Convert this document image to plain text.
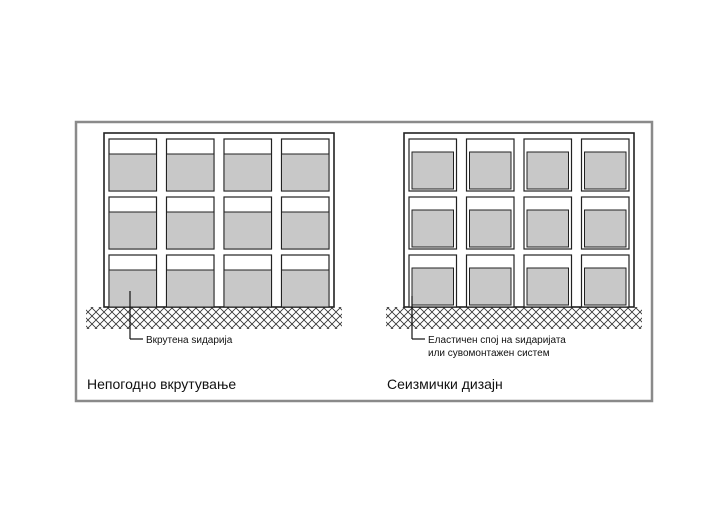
Вкрутена ѕидарија
Непогодно вкрутување
Еластичен спој на ѕидаријата
или сувомонтажен систем
Сеизмички дизајн
